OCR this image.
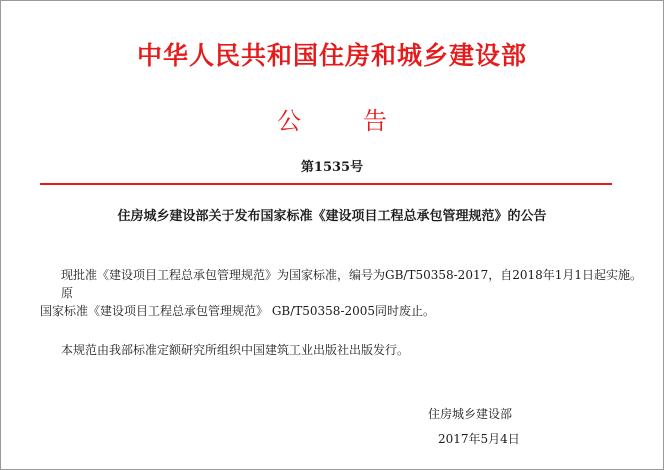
中华人民共和国住房和城乡建设部
公	告
第1535号
住房城乡建设部关于发布国家标准《建设项目工程总承包管理规范》的公告

现批准《建设项目工程总承包管理规范》为国家标准，编号为GB/T50358-2017，自2018年1月1日起实施。原

国家标准《建设项目工程总承包管理规范》 GB/T50358-2005同时废止。

本规范由我部标准定额研究所组织中国建筑工业出版社出版发行。

住房城乡建设部
2017年5月4日
